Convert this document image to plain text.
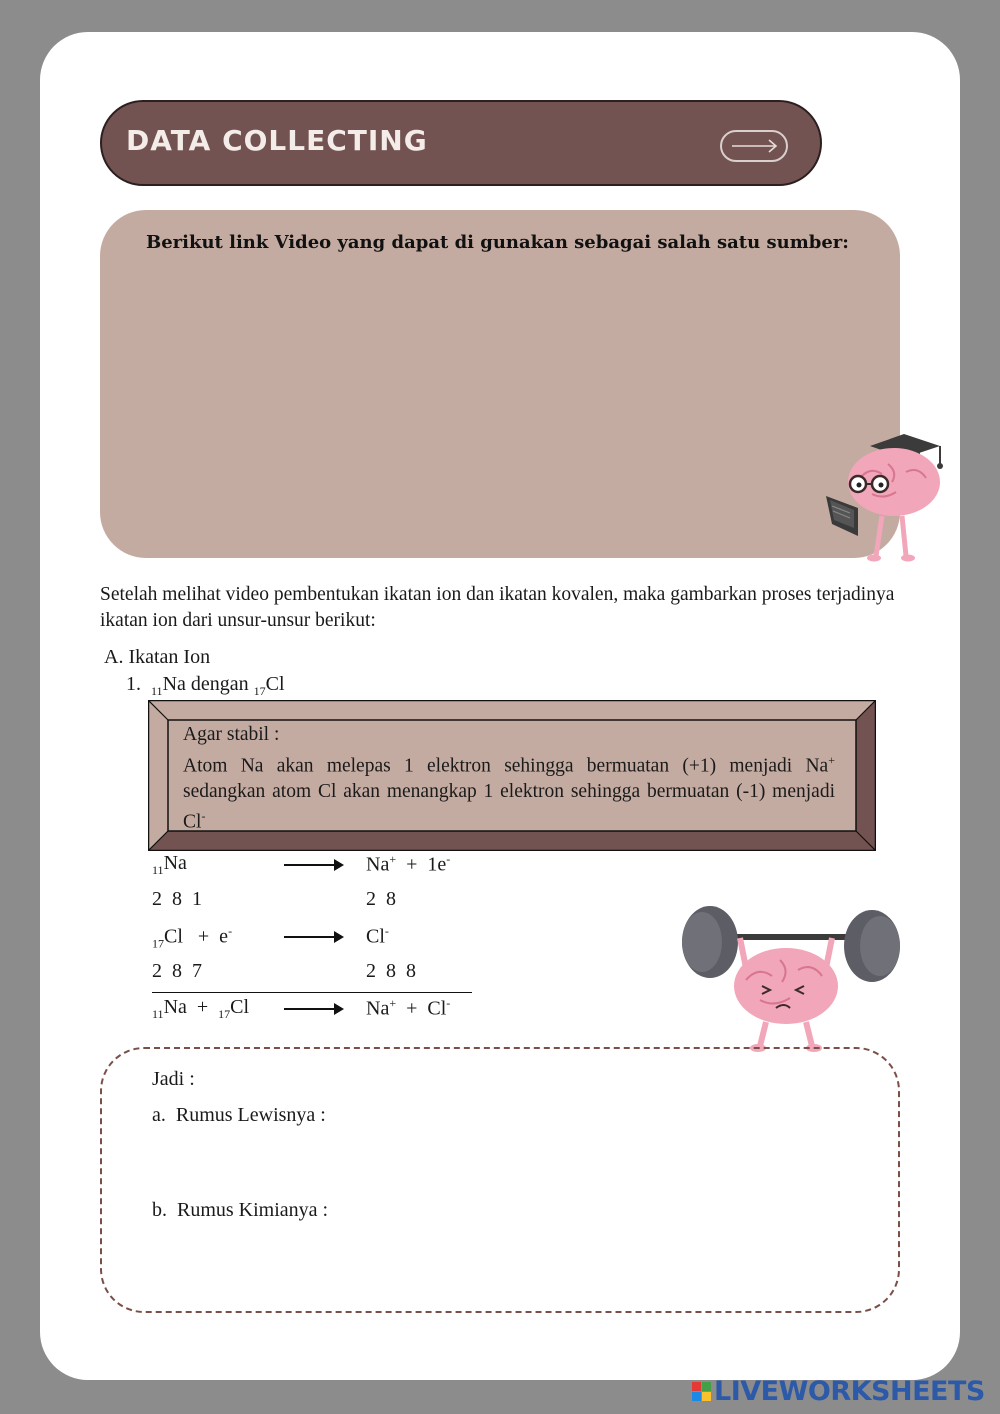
DATA COLLECTING
Berikut link Video yang dapat di gunakan sebagai salah satu sumber:
Setelah melihat video pembentukan ikatan ion dan ikatan kovalen, maka gambarkan proses terjadinya ikatan ion dari unsur-unsur berikut:
A. Ikatan Ion
1. $_{11}$Na dengan $_{17}$Cl
Agar stabil :
Atom Na akan melepas 1 elektron sehingga bermuatan (+1) menjadi Na+ sedangkan atom Cl akan menangkap 1 elektron sehingga bermuatan (-1) menjadi Cl-
$_{11}$Na	→ Na+  +  1e-
2  8  1	2  8
$_{17}$Cl   +  e-	→ Cl-
2  8  7	2  8  8
$_{11}$Na  +  $_{17}$Cl → Na+  +  Cl-
Jadi :
a.  Rumus Lewisnya :
b.  Rumus Kimianya :
LIVEWORKSHEETS
